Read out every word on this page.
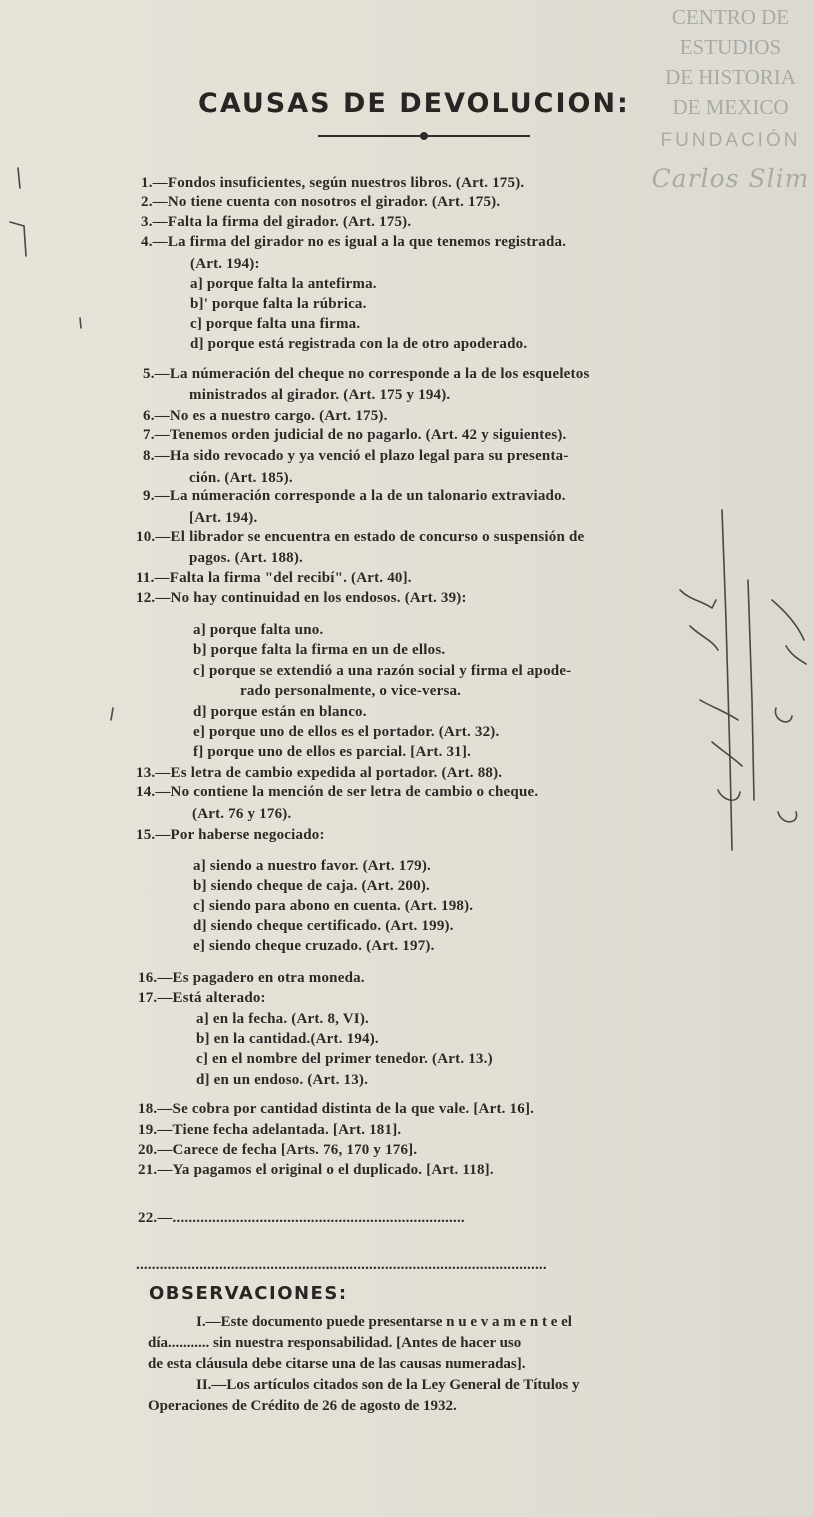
CENTRO DE
ESTUDIOS
DE HISTORIA
DE MEXICO
FUNDACIÓN
Carlos Slim
CAUSAS DE DEVOLUCION:
1.—Fondos insuficientes, según nuestros libros. (Art. 175).
2.—No tiene cuenta con nosotros el girador. (Art. 175).
3.—Falta la firma del girador. (Art. 175).
4.—La firma del girador no es igual a la que tenemos registrada.
(Art. 194):
a] porque falta la antefirma.
b]' porque falta la rúbrica.
c] porque falta una firma.
d] porque está registrada con la de otro apoderado.
5.—La númeración del cheque no corresponde a la de los esqueletos
ministrados al girador. (Art. 175 y 194).
6.—No es a nuestro cargo. (Art. 175).
7.—Tenemos orden judicial de no pagarlo. (Art. 42 y siguientes).
8.—Ha sido revocado y ya venció el plazo legal para su presenta-
ción. (Art. 185).
9.—La númeración corresponde a la de un talonario extraviado.
[Art. 194).
10.—El librador se encuentra en estado de concurso o suspensión de
pagos. (Art. 188).
11.—Falta la firma "del recibí". (Art. 40].
12.—No hay continuidad en los endosos. (Art. 39):
a] porque falta uno.
b] porque falta la firma en un de ellos.
c] porque se extendió a una razón social y firma el apode-
rado personalmente, o vice-versa.
d] porque están en blanco.
e] porque uno de ellos es el portador. (Art. 32).
f] porque uno de ellos es parcial. [Art. 31].
13.—Es letra de cambio expedida al portador. (Art. 88).
14.—No contiene la mención de ser letra de cambio o cheque.
(Art. 76 y 176).
15.—Por haberse negociado:
a] siendo a nuestro favor. (Art. 179).
b] siendo cheque de caja. (Art. 200).
c] siendo para abono en cuenta. (Art. 198).
d] siendo cheque certificado. (Art. 199).
e] siendo cheque cruzado. (Art. 197).
16.—Es pagadero en otra moneda.
17.—Está alterado:
a] en la fecha. (Art. 8, VI).
b] en la cantidad.(Art. 194).
c] en el nombre del primer tenedor. (Art. 13.)
d] en un endoso. (Art. 13).
18.—Se cobra por cantidad distinta de la que vale. [Art. 16].
19.—Tiene fecha adelantada. [Art. 181].
20.—Carece de fecha [Arts. 76, 170 y 176].
21.—Ya pagamos el original o el duplicado. [Art. 118].
22.—..........................................................................
........................................................................................................
OBSERVACIONES:
I.—Este documento puede presentarse n u e v a m e n t e el
día........... sin nuestra responsabilidad. [Antes de hacer uso
de esta cláusula debe citarse una de las causas numeradas].
II.—Los artículos citados son de la Ley General de Títulos y
Operaciones de Crédito de 26 de agosto de 1932.
